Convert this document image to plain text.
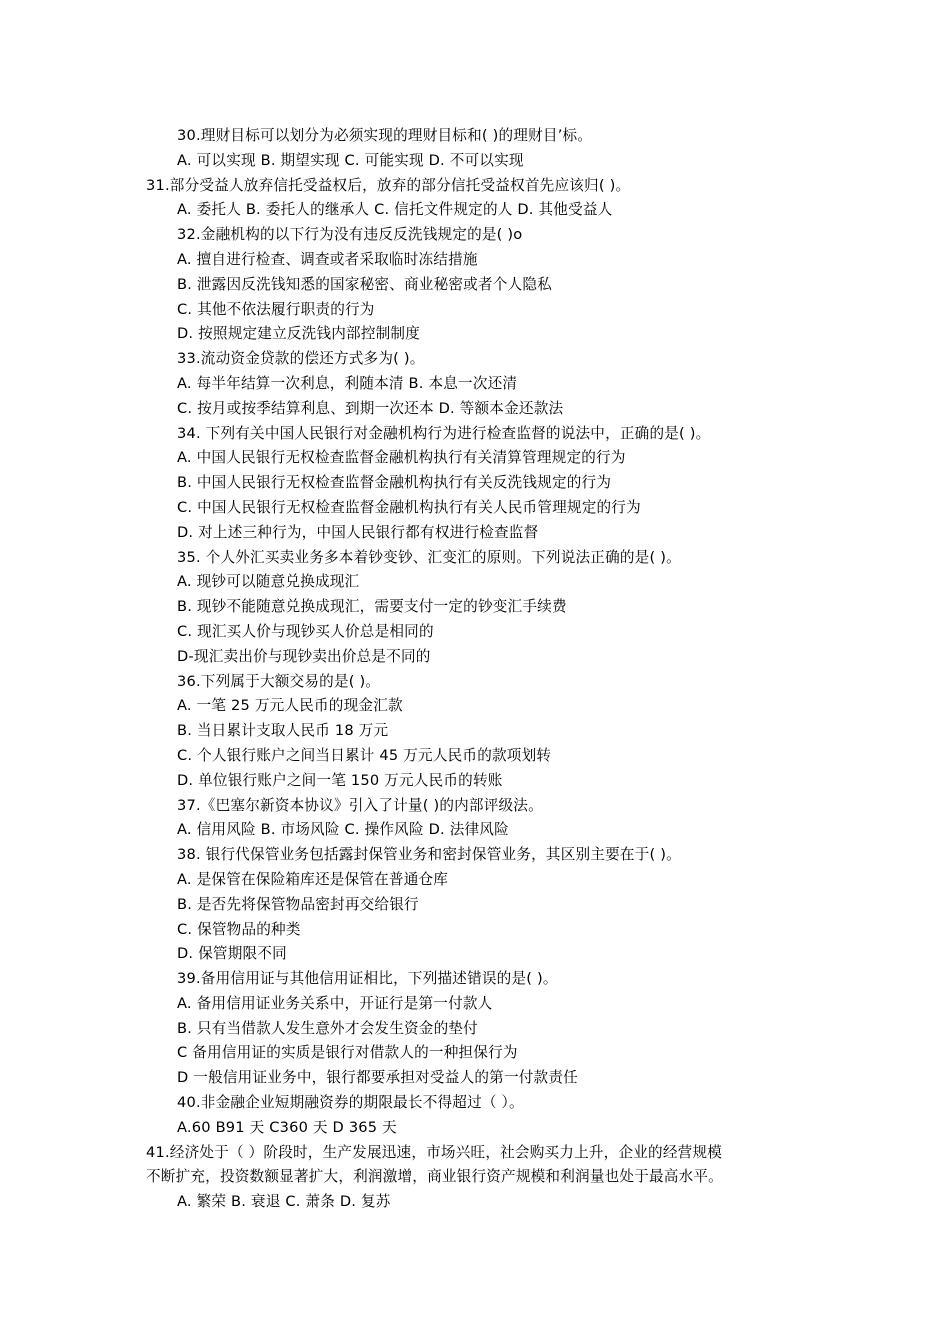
30.理财目标可以划分为必须实现的理财目标和( )的理财目’标。
A. 可以实现 B. 期望实现 C. 可能实现 D. 不可以实现
31.部分受益人放弃信托受益权后，放弃的部分信托受益权首先应该归( )。
A. 委托人 B. 委托人的继承人 C. 信托文件规定的人 D. 其他受益人
32.金融机构的以下行为没有违反反洗钱规定的是( )o
A. 擅自进行检查、调查或者采取临时冻结措施
B. 泄露因反洗钱知悉的国家秘密、商业秘密或者个人隐私
C. 其他不依法履行职责的行为
D. 按照规定建立反洗钱内部控制制度
33.流动资金贷款的偿还方式多为( )。
A. 每半年结算一次利息，利随本清 B. 本息一次还清
C. 按月或按季结算利息、到期一次还本 D. 等额本金还款法
34. 下列有关中国人民银行对金融机构行为进行检查监督的说法中，正确的是( )。
A. 中国人民银行无权检查监督金融机构执行有关清算管理规定的行为
B. 中国人民银行无权检查监督金融机构执行有关反洗钱规定的行为
C. 中国人民银行无权检查监督金融机构执行有关人民币管理规定的行为
D. 对上述三种行为，中国人民银行都有权进行检查监督
35. 个人外汇买卖业务多本着钞变钞、汇变汇的原则。下列说法正确的是( )。
A. 现钞可以随意兑换成现汇
B. 现钞不能随意兑换成现汇，需要支付一定的钞变汇手续费
C. 现汇买人价与现钞买人价总是相同的
D-现汇卖出价与现钞卖出价总是不同的
36.下列属于大额交易的是( )。
A. 一笔 25 万元人民币的现金汇款
B. 当日累计支取人民币 18 万元
C. 个人银行账户之间当日累计 45 万元人民币的款项划转
D. 单位银行账户之间一笔 150 万元人民币的转账
37.《巴塞尔新资本协议》引入了计量( )的内部评级法。
A. 信用风险 B. 市场风险 C. 操作风险 D. 法律风险
38. 银行代保管业务包括露封保管业务和密封保管业务，其区别主要在于( )。
A. 是保管在保险箱库还是保管在普通仓库
B. 是否先将保管物品密封再交给银行
C. 保管物品的种类
D. 保管期限不同
39.备用信用证与其他信用证相比，下列描述错误的是( )。
A. 备用信用证业务关系中，开证行是第一付款人
B. 只有当借款人发生意外才会发生资金的垫付
C 备用信用证的实质是银行对借款人的一种担保行为
D 一般信用证业务中，银行都要承担对受益人的第一付款责任
40.非金融企业短期融资券的期限最长不得超过（ ）。
A.60 B91 天 C360 天 D 365 天
41.经济处于（ ）阶段时，生产发展迅速，市场兴旺，社会购买力上升，企业的经营规模
不断扩充，投资数额显著扩大，利润激增，商业银行资产规模和利润量也处于最高水平。
A. 繁荣 B. 衰退 C. 萧条 D. 复苏
